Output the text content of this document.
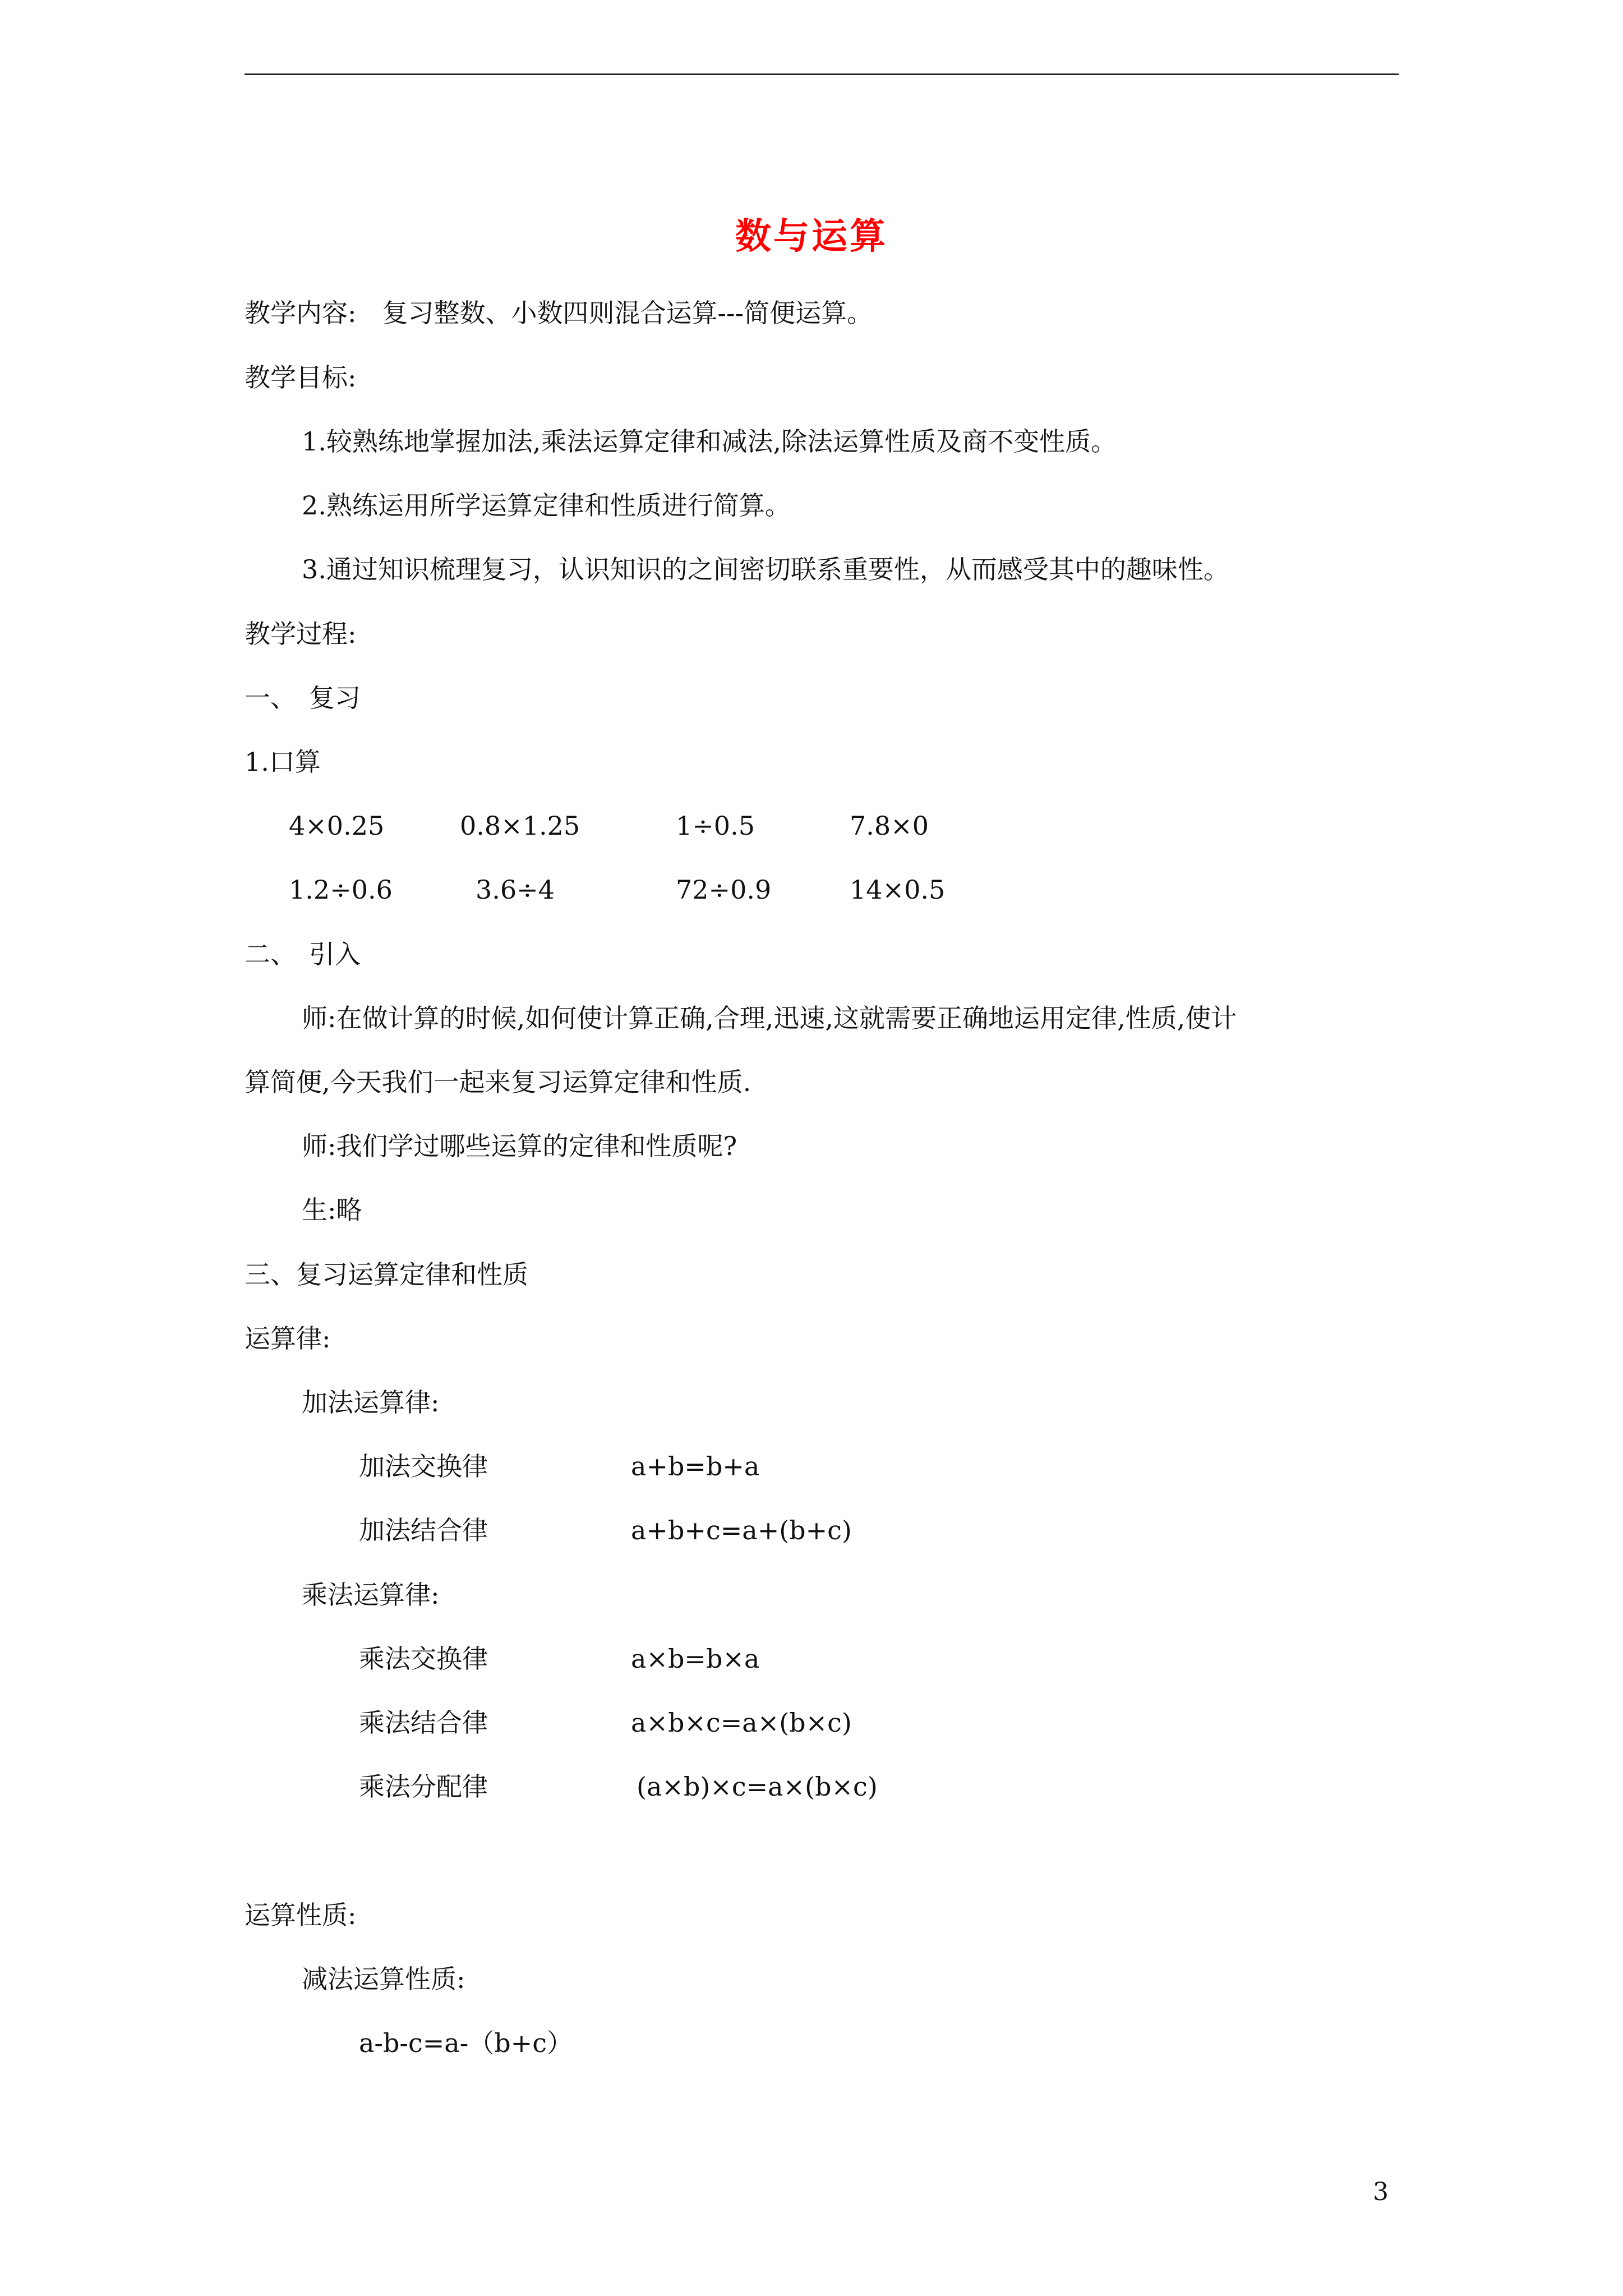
数与运算
教学内容:　复习整数、小数四则混合运算---简便运算。
教学目标:
1.较熟练地掌握加法,乘法运算定律和减法,除法运算性质及商不变性质。
2.熟练运用所学运算定律和性质进行简算。
3.通过知识梳理复习，认识知识的之间密切联系重要性，从而感受其中的趣味性。
教学过程:
一、　复习
1.口算
4×0.25	0.8×1.25	1÷0.5	7.8×0
1.2÷0.6	3.6÷4	72÷0.9	14×0.5
二、　引入
师:在做计算的时候,如何使计算正确,合理,迅速,这就需要正确地运用定律,性质,使计
算简便,今天我们一起来复习运算定律和性质.
师:我们学过哪些运算的定律和性质呢?
生:略
三、复习运算定律和性质
运算律:
加法运算律:
加法交换律	a+b=b+a
加法结合律	a+b+c=a+(b+c)
乘法运算律:
乘法交换律	a×b=b×a
乘法结合律	a×b×c=a×(b×c)
乘法分配律	(a×b)×c=a×(b×c)
运算性质:
减法运算性质:
a-b-c=a-（b+c）
3
